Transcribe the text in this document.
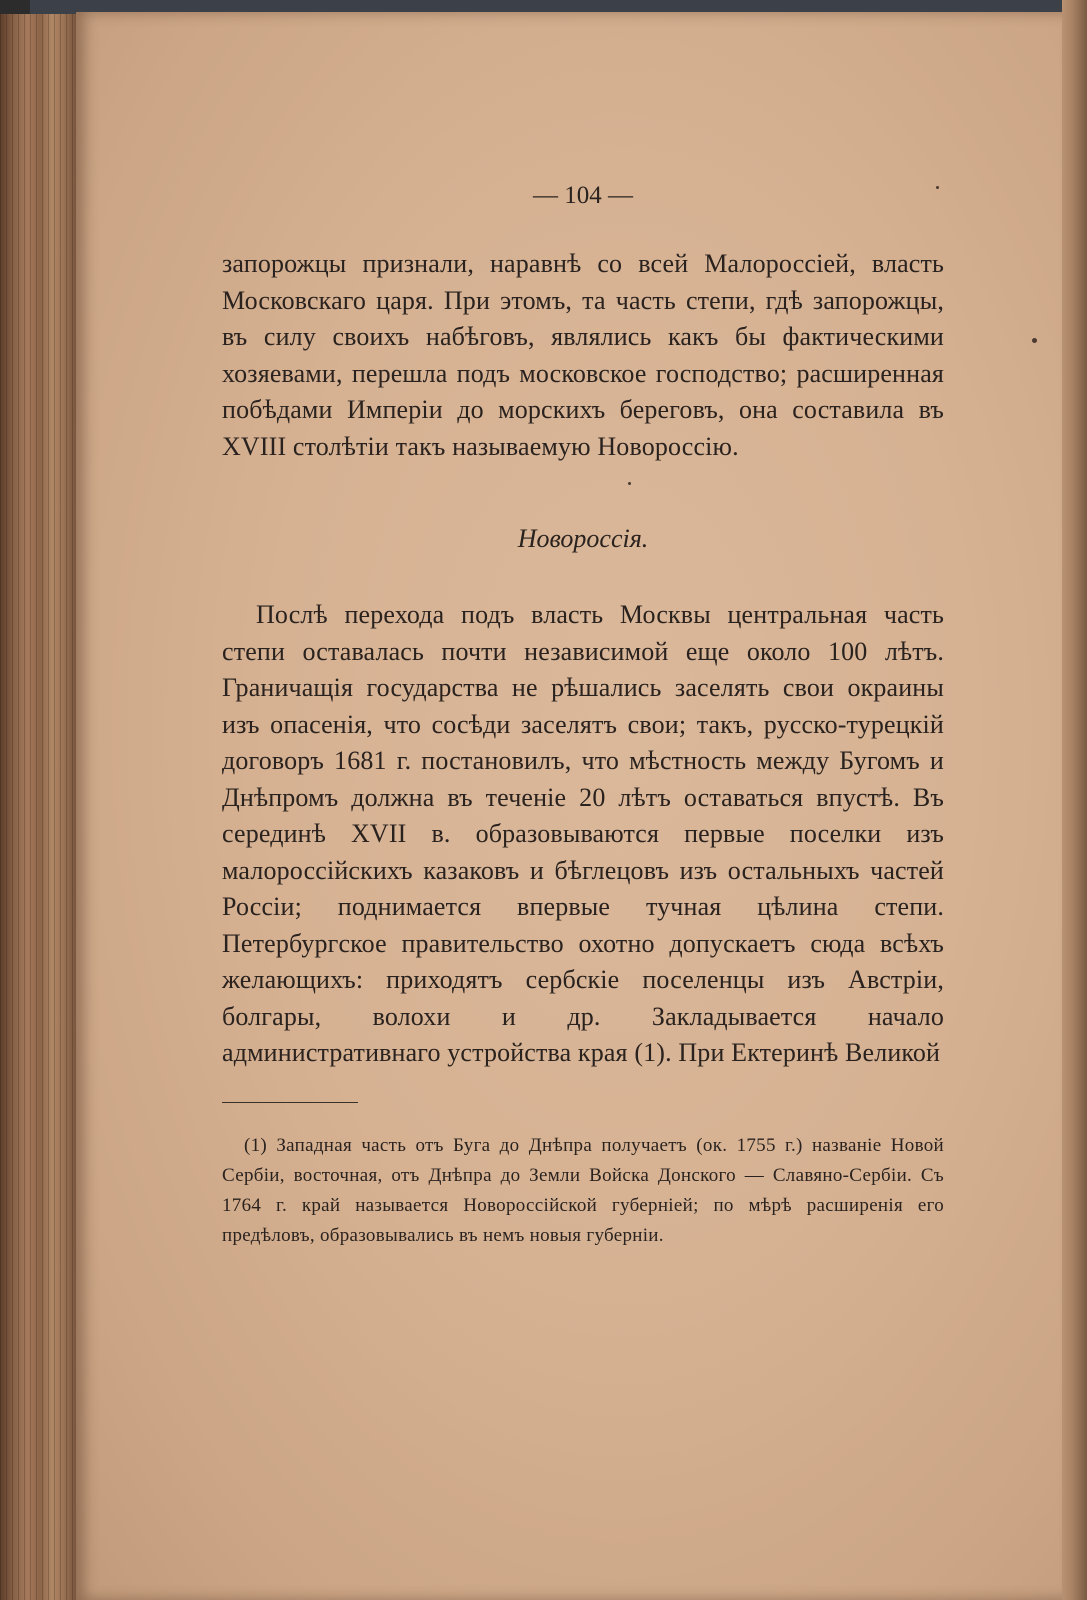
— 104 —

запорожцы признали, наравнѣ со всей Малороссіей, власть Московскаго царя. При этомъ, та часть степи, гдѣ запорожцы, въ силу своихъ набѣговъ, являлись какъ бы фактическими хозяевами, перешла подъ московское господство; расширенная побѣдами Имперіи до морскихъ береговъ, она составила въ XVIII столѣтіи такъ называемую Новороссію.

Новороссія.

Послѣ перехода подъ власть Москвы центральная часть степи оставалась почти независимой еще около 100 лѣтъ. Граничащія государства не рѣшались заселять свои окраины изъ опасенія, что сосѣди заселятъ свои; такъ, русско-турецкій договоръ 1681 г. постановилъ, что мѣстность между Бугомъ и Днѣпромъ должна въ теченіе 20 лѣтъ оставаться впустѣ. Въ серединѣ XVII в. образовываются первые поселки изъ малороссійскихъ казаковъ и бѣглецовъ изъ остальныхъ частей Россіи; поднимается впервые тучная цѣлина степи. Петербургское правительство охотно допускаетъ сюда всѣхъ желающихъ: приходятъ сербскіе поселенцы изъ Австріи, болгары, волохи и др. Закладывается начало административнаго устройства края (1). При Ектеринѣ Великой

(1) Западная часть отъ Буга до Днѣпра получаетъ (ок. 1755 г.) названіе Новой Сербіи, восточная, отъ Днѣпра до Земли Войска Донского — Славяно-Сербіи. Съ 1764 г. край называется Новороссійской губерніей; по мѣрѣ расширенія его предѣловъ, образовывались въ немъ новыя губерніи.
